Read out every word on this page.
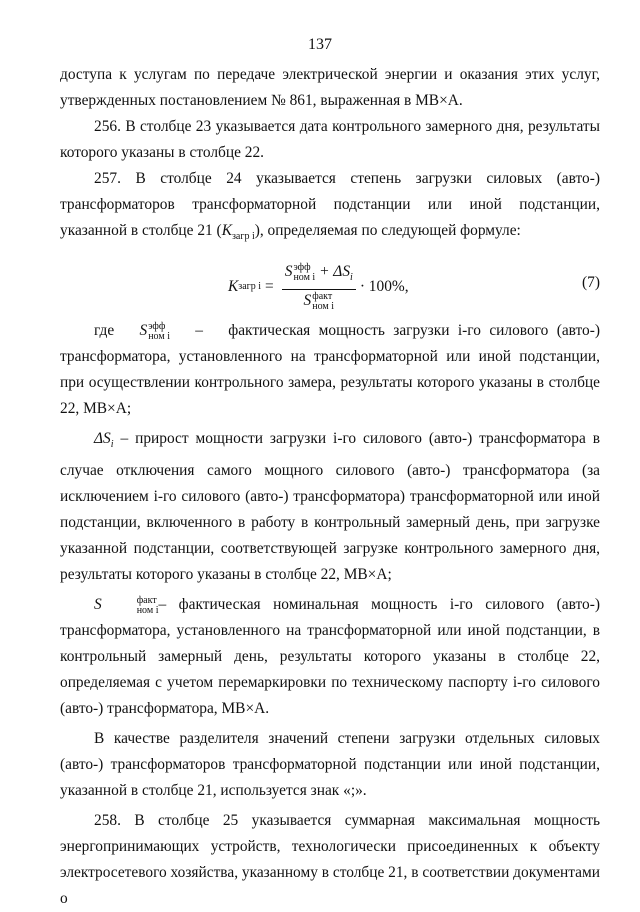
137

доступа к услугам по передаче электрической энергии и оказания этих услуг, утвержденных постановлением № 861, выраженная в МВ×А.

256. В столбце 23 указывается дата контрольного замерного дня, результаты которого указаны в столбце 22.

257. В столбце 24 указывается степень загрузки силовых (авто-) трансформаторов трансформаторной подстанции или иной подстанции, указанной в столбце 21 $(K_{загр i})$, определяемая по следующей формуле:

K загр i = S эфф
ном $i + \Delta S_i$
S факт
ном i · 100% ,	(7)

где S эфф
ном i – фактическая мощность загрузки i-го силового (авто-)

трансформатора, установленного на трансформаторной или иной подстанции, при осуществлении контрольного замера, результаты которого указаны в столбце 22, МВ×А;

$\Delta S_i$ – прирост мощности загрузки i-го силового (авто-) трансформатора в случае отключения самого мощного силового (авто-) трансформатора (за исключением i-го силового (авто-) трансформатора) трансформаторной или иной подстанции, включенного в работу в контрольный замерный день, при загрузке указанной подстанции, соответствующей загрузке контрольного замерного дня, результаты которого указаны в столбце 22, МВ×А;

S	факт
ном i – фактическая номинальная мощность i-го силового (авто-) трансформатора, установленного на трансформаторной или иной подстанции, в контрольный замерный день, результаты которого указаны в столбце 22, определяемая с учетом перемаркировки по техническому паспорту i-го силового (авто-) трансформатора, МВ×А.

В качестве разделителя значений степени загрузки отдельных силовых (авто-) трансформаторов трансформаторной подстанции или иной подстанции, указанной в столбце 21, используется знак «;».

258. В столбце 25 указывается суммарная максимальная мощность энергопринимающих устройств, технологически присоединенных к объекту электросетевого хозяйства, указанному в столбце 21, в соответствии документами о
